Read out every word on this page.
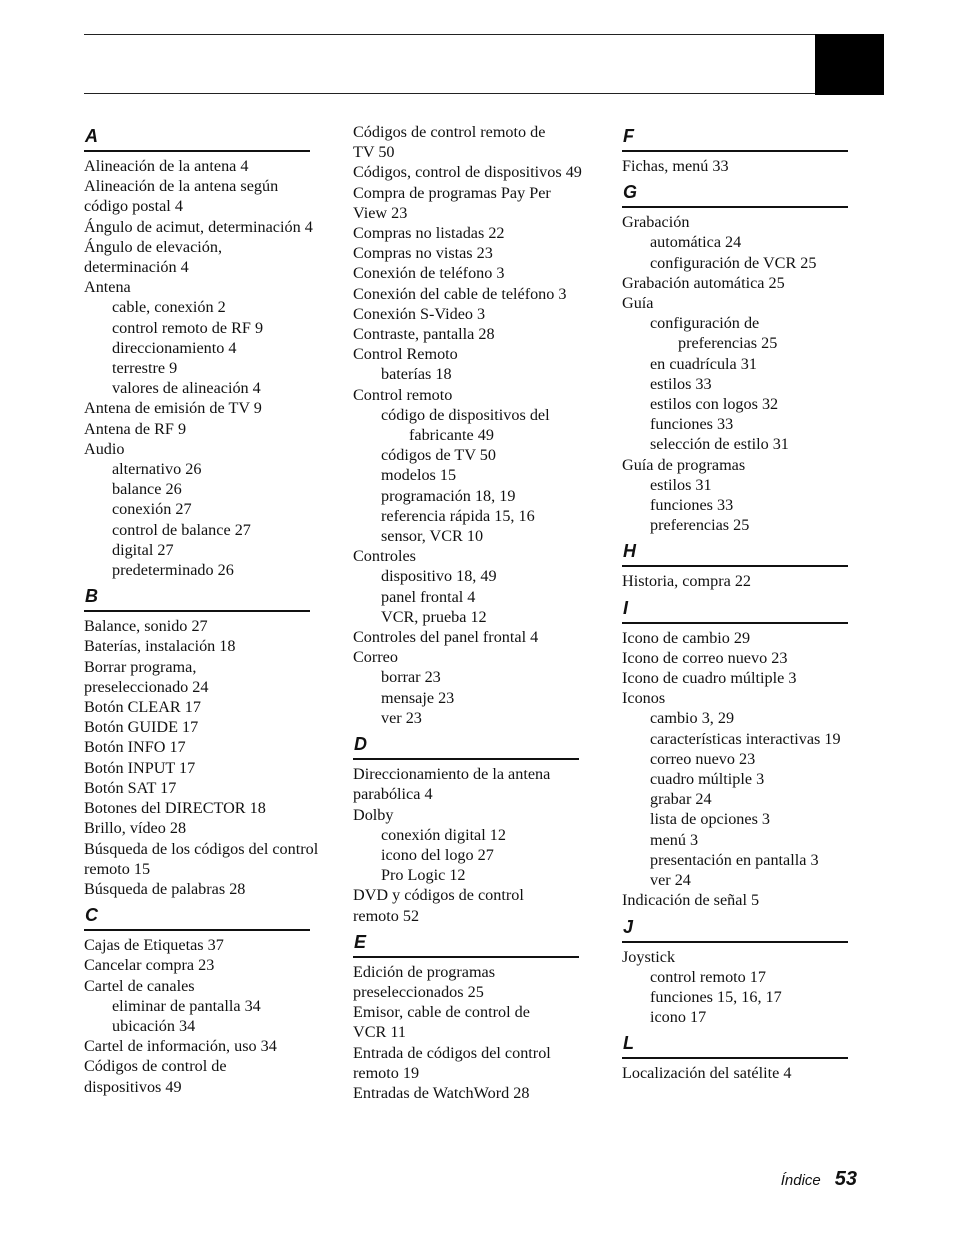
A
Alineación de la antena 4
Alineación de la antena según
código postal 4
Ángulo de acimut, determinación 4
Ángulo de elevación,
determinación 4
Antena
cable, conexión 2
control remoto de RF 9
direccionamiento 4
terrestre 9
valores de alineación 4
Antena de emisión de TV 9
Antena de RF 9
Audio
alternativo 26
balance 26
conexión 27
control de balance 27
digital 27
predeterminado 26
B
Balance, sonido 27
Baterías, instalación 18
Borrar programa,
preseleccionado 24
Botón CLEAR 17
Botón GUIDE 17
Botón INFO 17
Botón INPUT 17
Botón SAT 17
Botones del DIRECTOR 18
Brillo, vídeo 28
Búsqueda de los códigos del control
remoto 15
Búsqueda de palabras 28
C
Cajas de Etiquetas 37
Cancelar compra 23
Cartel de canales
eliminar de pantalla 34
ubicación 34
Cartel de información, uso 34
Códigos de control de
dispositivos 49
Códigos de control remoto de
TV 50
Códigos, control de dispositivos 49
Compra de programas Pay Per
View 23
Compras no listadas 22
Compras no vistas 23
Conexión de teléfono 3
Conexión del cable de teléfono 3
Conexión S-Video 3
Contraste, pantalla 28
Control Remoto
baterías 18
Control remoto
código de dispositivos del
fabricante 49
códigos de TV 50
modelos 15
programación 18, 19
referencia rápida 15, 16
sensor, VCR 10
Controles
dispositivo 18, 49
panel frontal 4
VCR, prueba 12
Controles del panel frontal 4
Correo
borrar 23
mensaje 23
ver 23
D
Direccionamiento de la antena
parabólica 4
Dolby
conexión digital 12
icono del logo 27
Pro Logic 12
DVD y códigos de control
remoto 52
E
Edición de programas
preseleccionados 25
Emisor, cable de control de
VCR 11
Entrada de códigos del control
remoto 19
Entradas de WatchWord 28
F
Fichas, menú 33
G
Grabación
automática 24
configuración de VCR 25
Grabación automática 25
Guía
configuración de
preferencias 25
en cuadrícula 31
estilos 33
estilos con logos 32
funciones 33
selección de estilo 31
Guía de programas
estilos 31
funciones 33
preferencias 25
H
Historia, compra 22
I
Icono de cambio 29
Icono de correo nuevo 23
Icono de cuadro múltiple 3
Iconos
cambio 3, 29
características interactivas 19
correo nuevo 23
cuadro múltiple 3
grabar 24
lista de opciones 3
menú 3
presentación en pantalla 3
ver 24
Indicación de señal 5
J
Joystick
control remoto 17
funciones 15, 16, 17
icono 17
L
Localización del satélite 4
Índice 53
